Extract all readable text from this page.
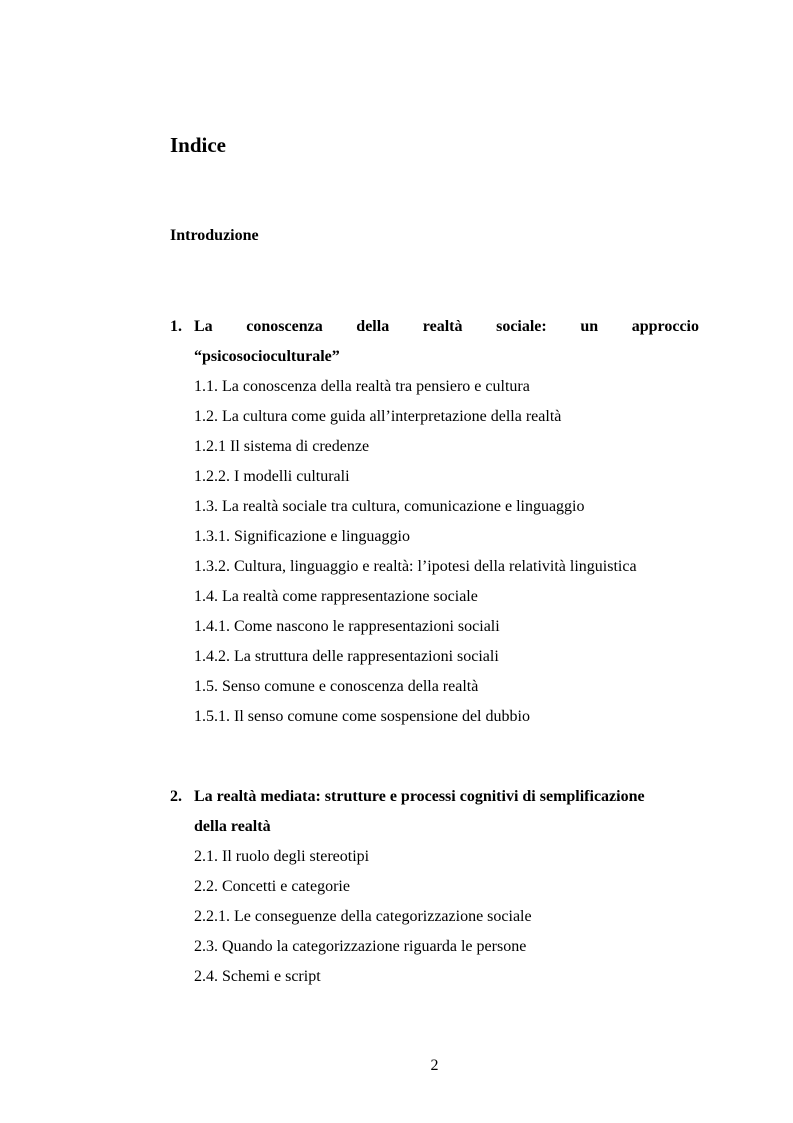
Indice
Introduzione
1. La conoscenza della realtà sociale: un approccio
“psicosocioculturale”
1.1. La conoscenza della realtà tra pensiero e cultura
1.2. La cultura come guida all’interpretazione della realtà
1.2.1 Il sistema di credenze
1.2.2. I modelli culturali
1.3. La realtà sociale tra cultura, comunicazione e linguaggio
1.3.1. Significazione e linguaggio
1.3.2. Cultura, linguaggio e realtà: l’ipotesi della relatività linguistica
1.4. La realtà come rappresentazione sociale
1.4.1. Come nascono le rappresentazioni sociali
1.4.2. La struttura delle rappresentazioni sociali
1.5. Senso comune e conoscenza della realtà
1.5.1. Il senso comune come sospensione del dubbio
2. La realtà mediata: strutture e processi cognitivi di semplificazione
della realtà
2.1. Il ruolo degli stereotipi
2.2. Concetti e categorie
2.2.1. Le conseguenze della categorizzazione sociale
2.3. Quando la categorizzazione riguarda le persone
2.4. Schemi e script
2
